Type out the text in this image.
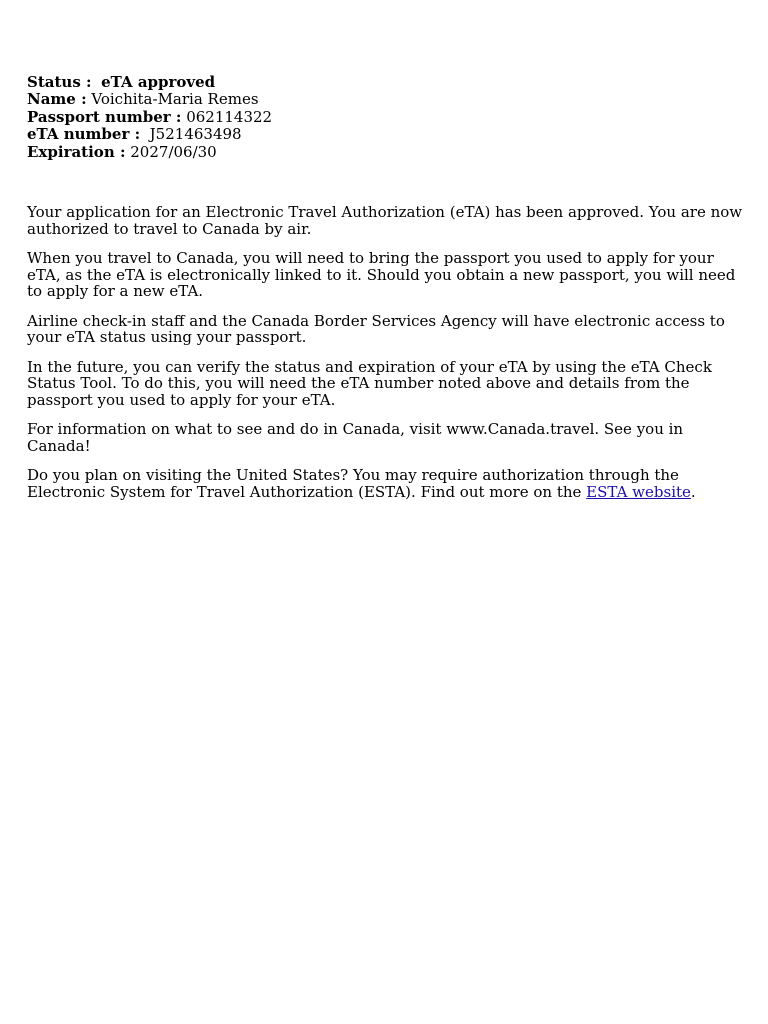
Status : eTA approved
Name : Voichita-Maria Remes
Passport number : 062114322
eTA number : J521463498
Expiration : 2027/06/30

Your application for an Electronic Travel Authorization (eTA) has been approved. You are now authorized to travel to Canada by air.

When you travel to Canada, you will need to bring the passport you used to apply for your eTA, as the eTA is electronically linked to it. Should you obtain a new passport, you will need to apply for a new eTA.

Airline check-in staff and the Canada Border Services Agency will have electronic access to your eTA status using your passport.

In the future, you can verify the status and expiration of your eTA by using the eTA Check Status Tool. To do this, you will need the eTA number noted above and details from the passport you used to apply for your eTA.

For information on what to see and do in Canada, visit www.Canada.travel. See you in Canada!

Do you plan on visiting the United States? You may require authorization through the Electronic System for Travel Authorization (ESTA). Find out more on the ESTA website.
